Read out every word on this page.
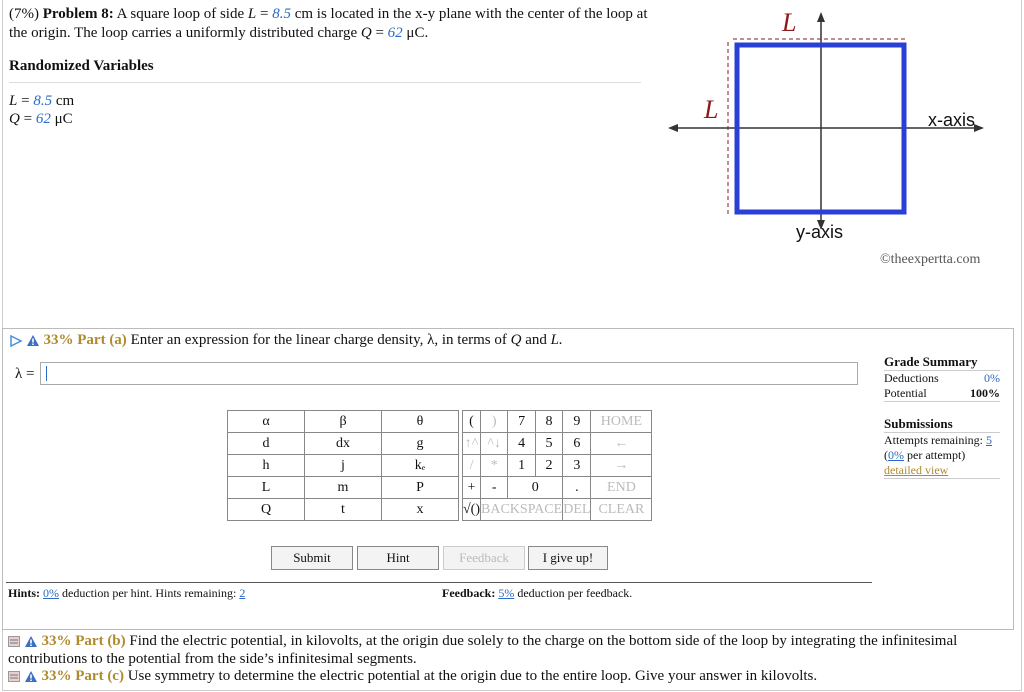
(7%) Problem 8: A square loop of side L = 8.5 cm is located in the x-y plane with the center of the loop at the origin. The loop carries a uniformly distributed charge Q = 62 μC.
Randomized Variables
L = 8.5 cm
Q = 62 μC
L
L	x-axis
y-axis
©theexpertta.com
33% Part (a) Enter an expression for the linear charge density, λ, in terms of Q and L.
λ =
α	β	θ
d	dx	g
h	j	kₑ
L	m	P
Q	t	x
(	)	7	8	9	HOME
↑^	^↓	4	5	6	←
/	*	1	2	3	→
+	-	0		.	END
√()	BACKSPACE			DEL	CLEAR
Submit	Hint	Feedback	I give up!
Hints: 0% deduction per hint. Hints remaining: 2	Feedback: 5% deduction per feedback.
Grade Summary
Deductions	0%
Potential	100%
Submissions
Attempts remaining: 5
(0% per attempt)
detailed view
33% Part (b) Find the electric potential, in kilovolts, at the origin due solely to the charge on the bottom side of the loop by integrating the infinitesimal contributions to the potential from the side’s infinitesimal segments.
33% Part (c) Use symmetry to determine the electric potential at the origin due to the entire loop. Give your answer in kilovolts.
